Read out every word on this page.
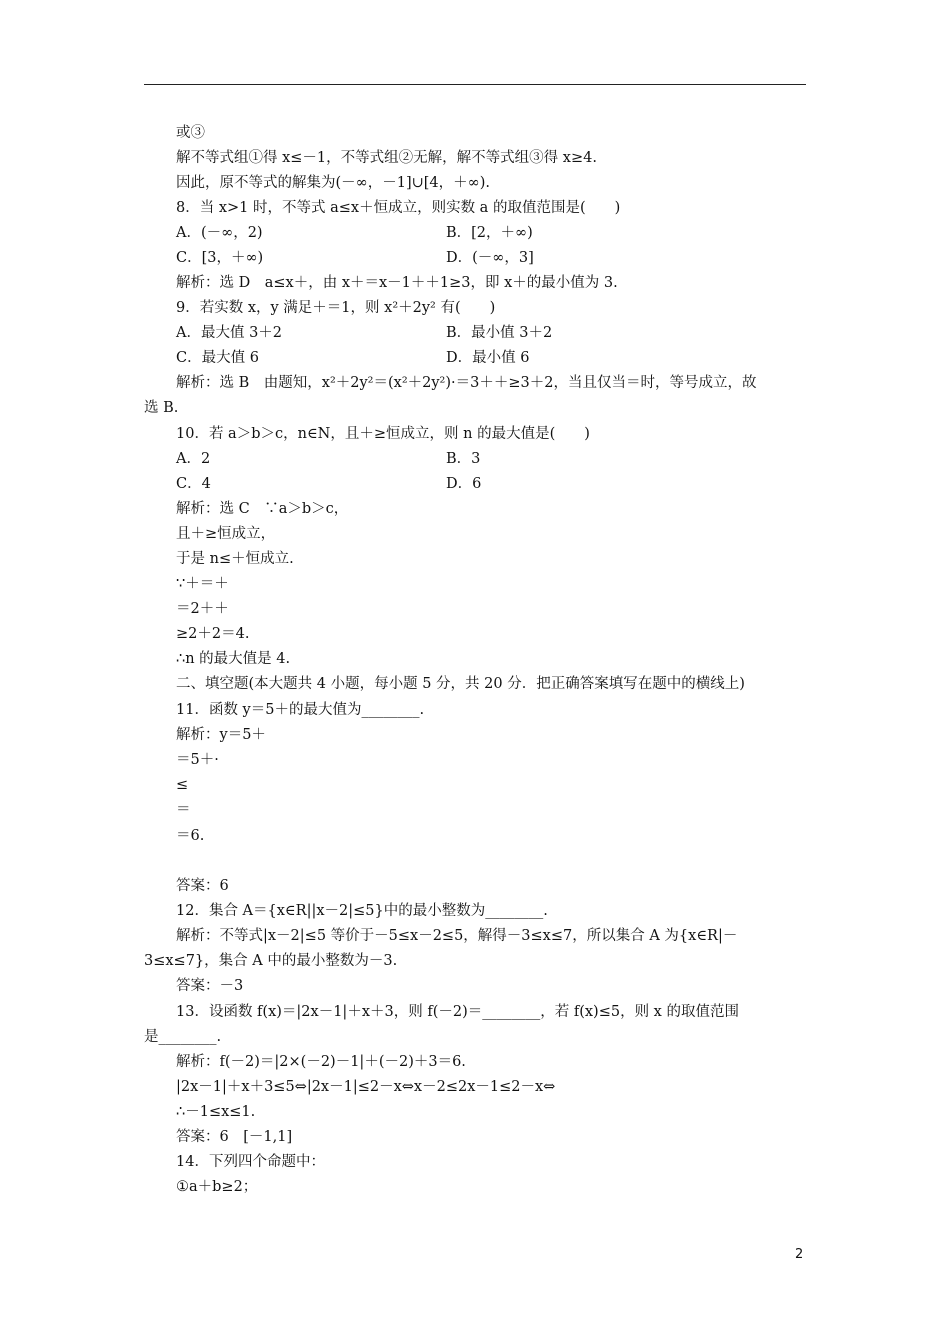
或③
解不等式组①得 x≤－1，不等式组②无解，解不等式组③得 x≥4.
因此，原不等式的解集为(－∞，－1]∪[4，＋∞).
8．当 x>1 时，不等式 a≤x＋恒成立，则实数 a 的取值范围是(　　)
A．(－∞，2)	B．[2，＋∞)
C．[3，＋∞)	D．(－∞，3]
解析：选 D　a≤x＋，由 x＋＝x－1＋＋1≥3，即 x＋的最小值为 3.
9．若实数 x，y 满足＋＝1，则 x²＋2y² 有(　　)
A．最大值 3＋2	B．最小值 3＋2
C．最大值 6	D．最小值 6
解析：选 B　由题知，x²＋2y²＝(x²＋2y²)·＝3＋＋≥3＋2，当且仅当＝时，等号成立，故
选 B.
10．若 a＞b＞c，n∈N，且＋≥恒成立，则 n 的最大值是(　　)
A．2	B．3
C．4	D．6
解析：选 C　∵a＞b＞c，
且＋≥恒成立，
于是 n≤＋恒成立.
∵＋＝＋
＝2＋＋
≥2＋2＝4.
∴n 的最大值是 4.
二、填空题(本大题共 4 小题，每小题 5 分，共 20 分．把正确答案填写在题中的横线上)
11．函数 y＝5＋的最大值为________.
解析：y＝5＋
＝5＋·
≤
＝
＝6.
答案：6
12．集合 A＝{x∈R||x－2|≤5}中的最小整数为________.
解析：不等式|x－2|≤5 等价于－5≤x－2≤5，解得－3≤x≤7，所以集合 A 为{x∈R|－
3≤x≤7}，集合 A 中的最小整数为－3.
答案：－3
13．设函数 f(x)＝|2x－1|＋x＋3，则 f(－2)＝________，若 f(x)≤5，则 x 的取值范围
是________.
解析：f(－2)＝|2×(－2)－1|＋(－2)＋3＝6.
|2x－1|＋x＋3≤5⇔|2x－1|≤2－x⇔x－2≤2x－1≤2－x⇔
∴－1≤x≤1.
答案：6　[－1,1]
14．下列四个命题中：
①a＋b≥2；
2
